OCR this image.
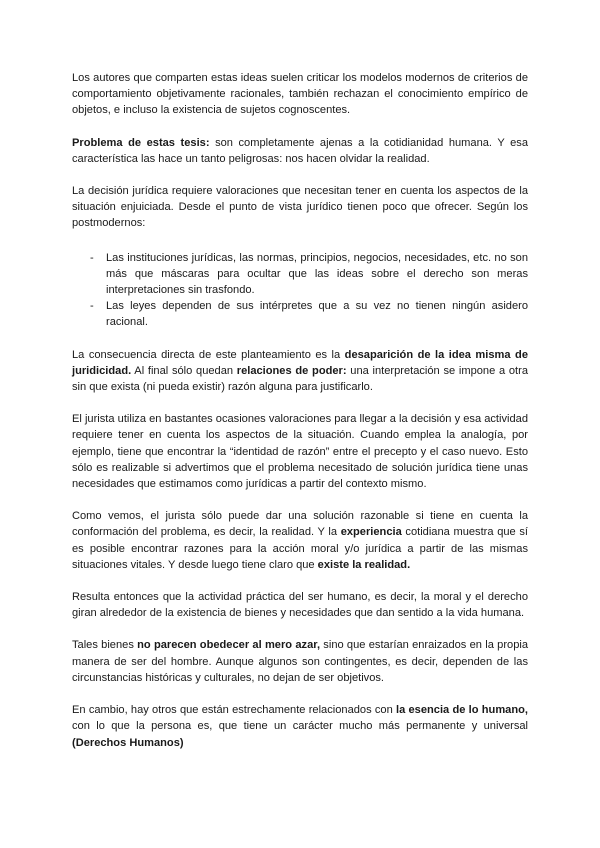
Los autores que comparten estas ideas suelen criticar los modelos modernos de criterios de comportamiento objetivamente racionales, también rechazan el conocimiento empírico de objetos, e incluso la existencia de sujetos cognoscentes.

Problema de estas tesis: son completamente ajenas a la cotidianidad humana. Y esa característica las hace un tanto peligrosas: nos hacen olvidar la realidad.

La decisión jurídica requiere valoraciones que necesitan tener en cuenta los aspectos de la situación enjuiciada. Desde el punto de vista jurídico tienen poco que ofrecer. Según los postmodernos:

- Las instituciones jurídicas, las normas, principios, negocios, necesidades, etc. no son más que máscaras para ocultar que las ideas sobre el derecho son meras interpretaciones sin trasfondo.
- Las leyes dependen de sus intérpretes que a su vez no tienen ningún asidero racional.

La consecuencia directa de este planteamiento es la desaparición de la idea misma de juridicidad. Al final sólo quedan relaciones de poder: una interpretación se impone a otra sin que exista (ni pueda existir) razón alguna para justificarlo.

El jurista utiliza en bastantes ocasiones valoraciones para llegar a la decisión y esa actividad requiere tener en cuenta los aspectos de la situación. Cuando emplea la analogía, por ejemplo, tiene que encontrar la “identidad de razón” entre el precepto y el caso nuevo. Esto sólo es realizable si advertimos que el problema necesitado de solución jurídica tiene unas necesidades que estimamos como jurídicas a partir del contexto mismo.

Como vemos, el jurista sólo puede dar una solución razonable si tiene en cuenta la conformación del problema, es decir, la realidad. Y la experiencia cotidiana muestra que sí es posible encontrar razones para la acción moral y/o jurídica a partir de las mismas situaciones vitales. Y desde luego tiene claro que existe la realidad.

Resulta entonces que la actividad práctica del ser humano, es decir, la moral y el derecho giran alrededor de la existencia de bienes y necesidades que dan sentido a la vida humana.

Tales bienes no parecen obedecer al mero azar, sino que estarían enraizados en la propia manera de ser del hombre. Aunque algunos son contingentes, es decir, dependen de las circunstancias históricas y culturales, no dejan de ser objetivos.

En cambio, hay otros que están estrechamente relacionados con la esencia de lo humano, con lo que la persona es, que tiene un carácter mucho más permanente y universal (Derechos Humanos)
